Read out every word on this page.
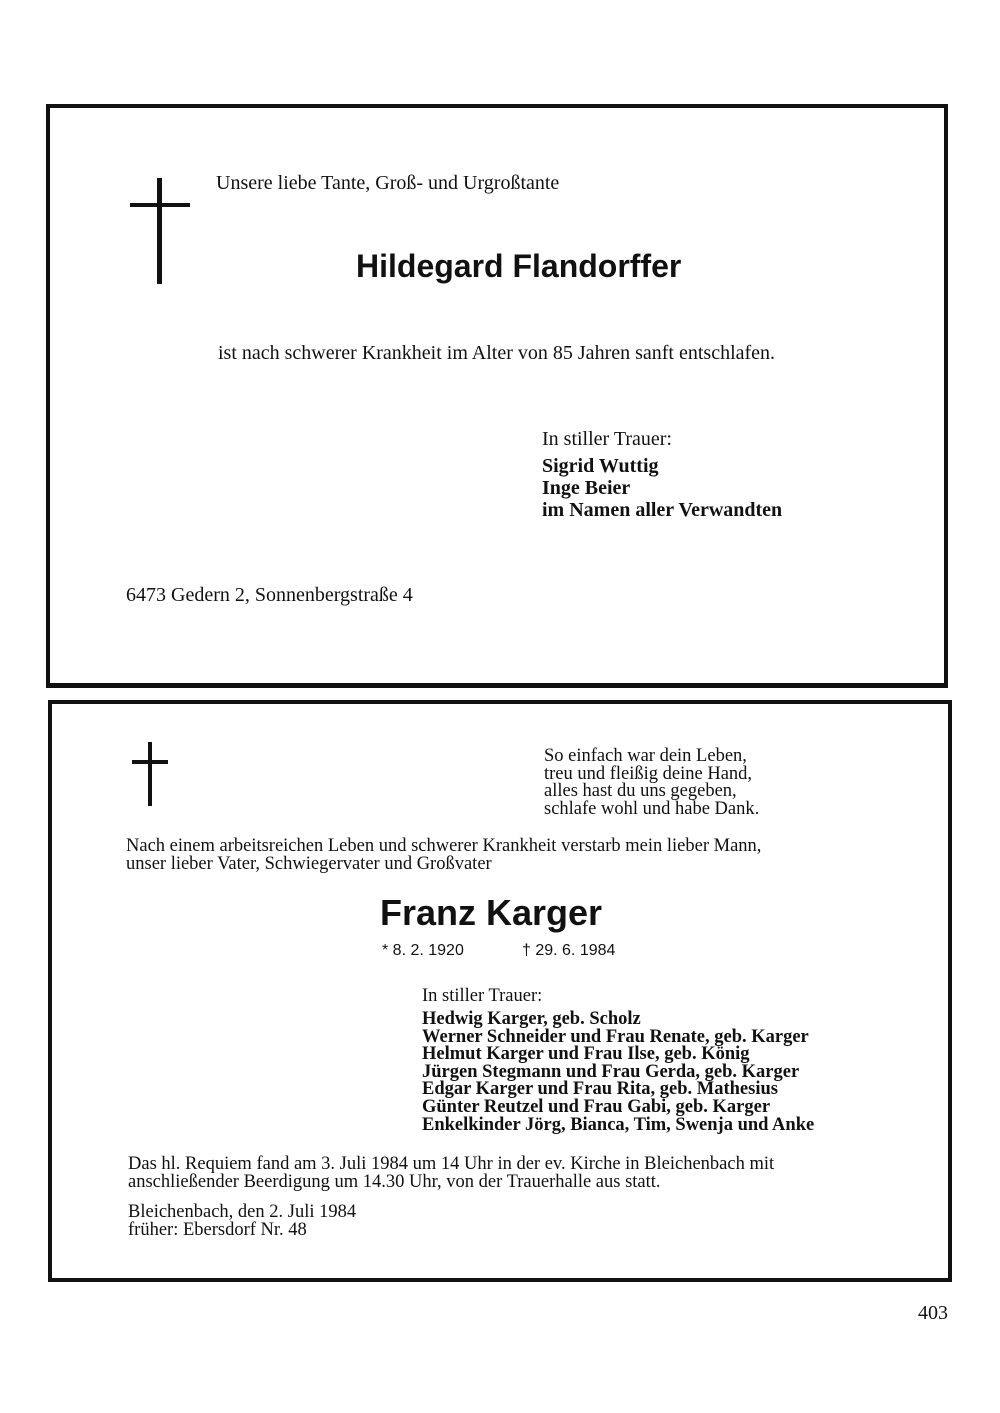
Unsere liebe Tante, Groß- und Urgroßtante
Hildegard Flandorffer
ist nach schwerer Krankheit im Alter von 85 Jahren sanft entschlafen.
In stiller Trauer:
Sigrid Wuttig
Inge Beier
im Namen aller Verwandten
6473 Gedern 2, Sonnenbergstraße 4
So einfach war dein Leben,
treu und fleißig deine Hand,
alles hast du uns gegeben,
schlafe wohl und habe Dank.
Nach einem arbeitsreichen Leben und schwerer Krankheit verstarb mein lieber Mann,
unser lieber Vater, Schwiegervater und Großvater
Franz Karger
* 8. 2. 1920	† 29. 6. 1984
In stiller Trauer:
Hedwig Karger, geb. Scholz
Werner Schneider und Frau Renate, geb. Karger
Helmut Karger und Frau Ilse, geb. König
Jürgen Stegmann und Frau Gerda, geb. Karger
Edgar Karger und Frau Rita, geb. Mathesius
Günter Reutzel und Frau Gabi, geb. Karger
Enkelkinder Jörg, Bianca, Tim, Swenja und Anke
Das hl. Requiem fand am 3. Juli 1984 um 14 Uhr in der ev. Kirche in Bleichenbach mit
anschließender Beerdigung um 14.30 Uhr, von der Trauerhalle aus statt.
Bleichenbach, den 2. Juli 1984
früher: Ebersdorf Nr. 48
403
